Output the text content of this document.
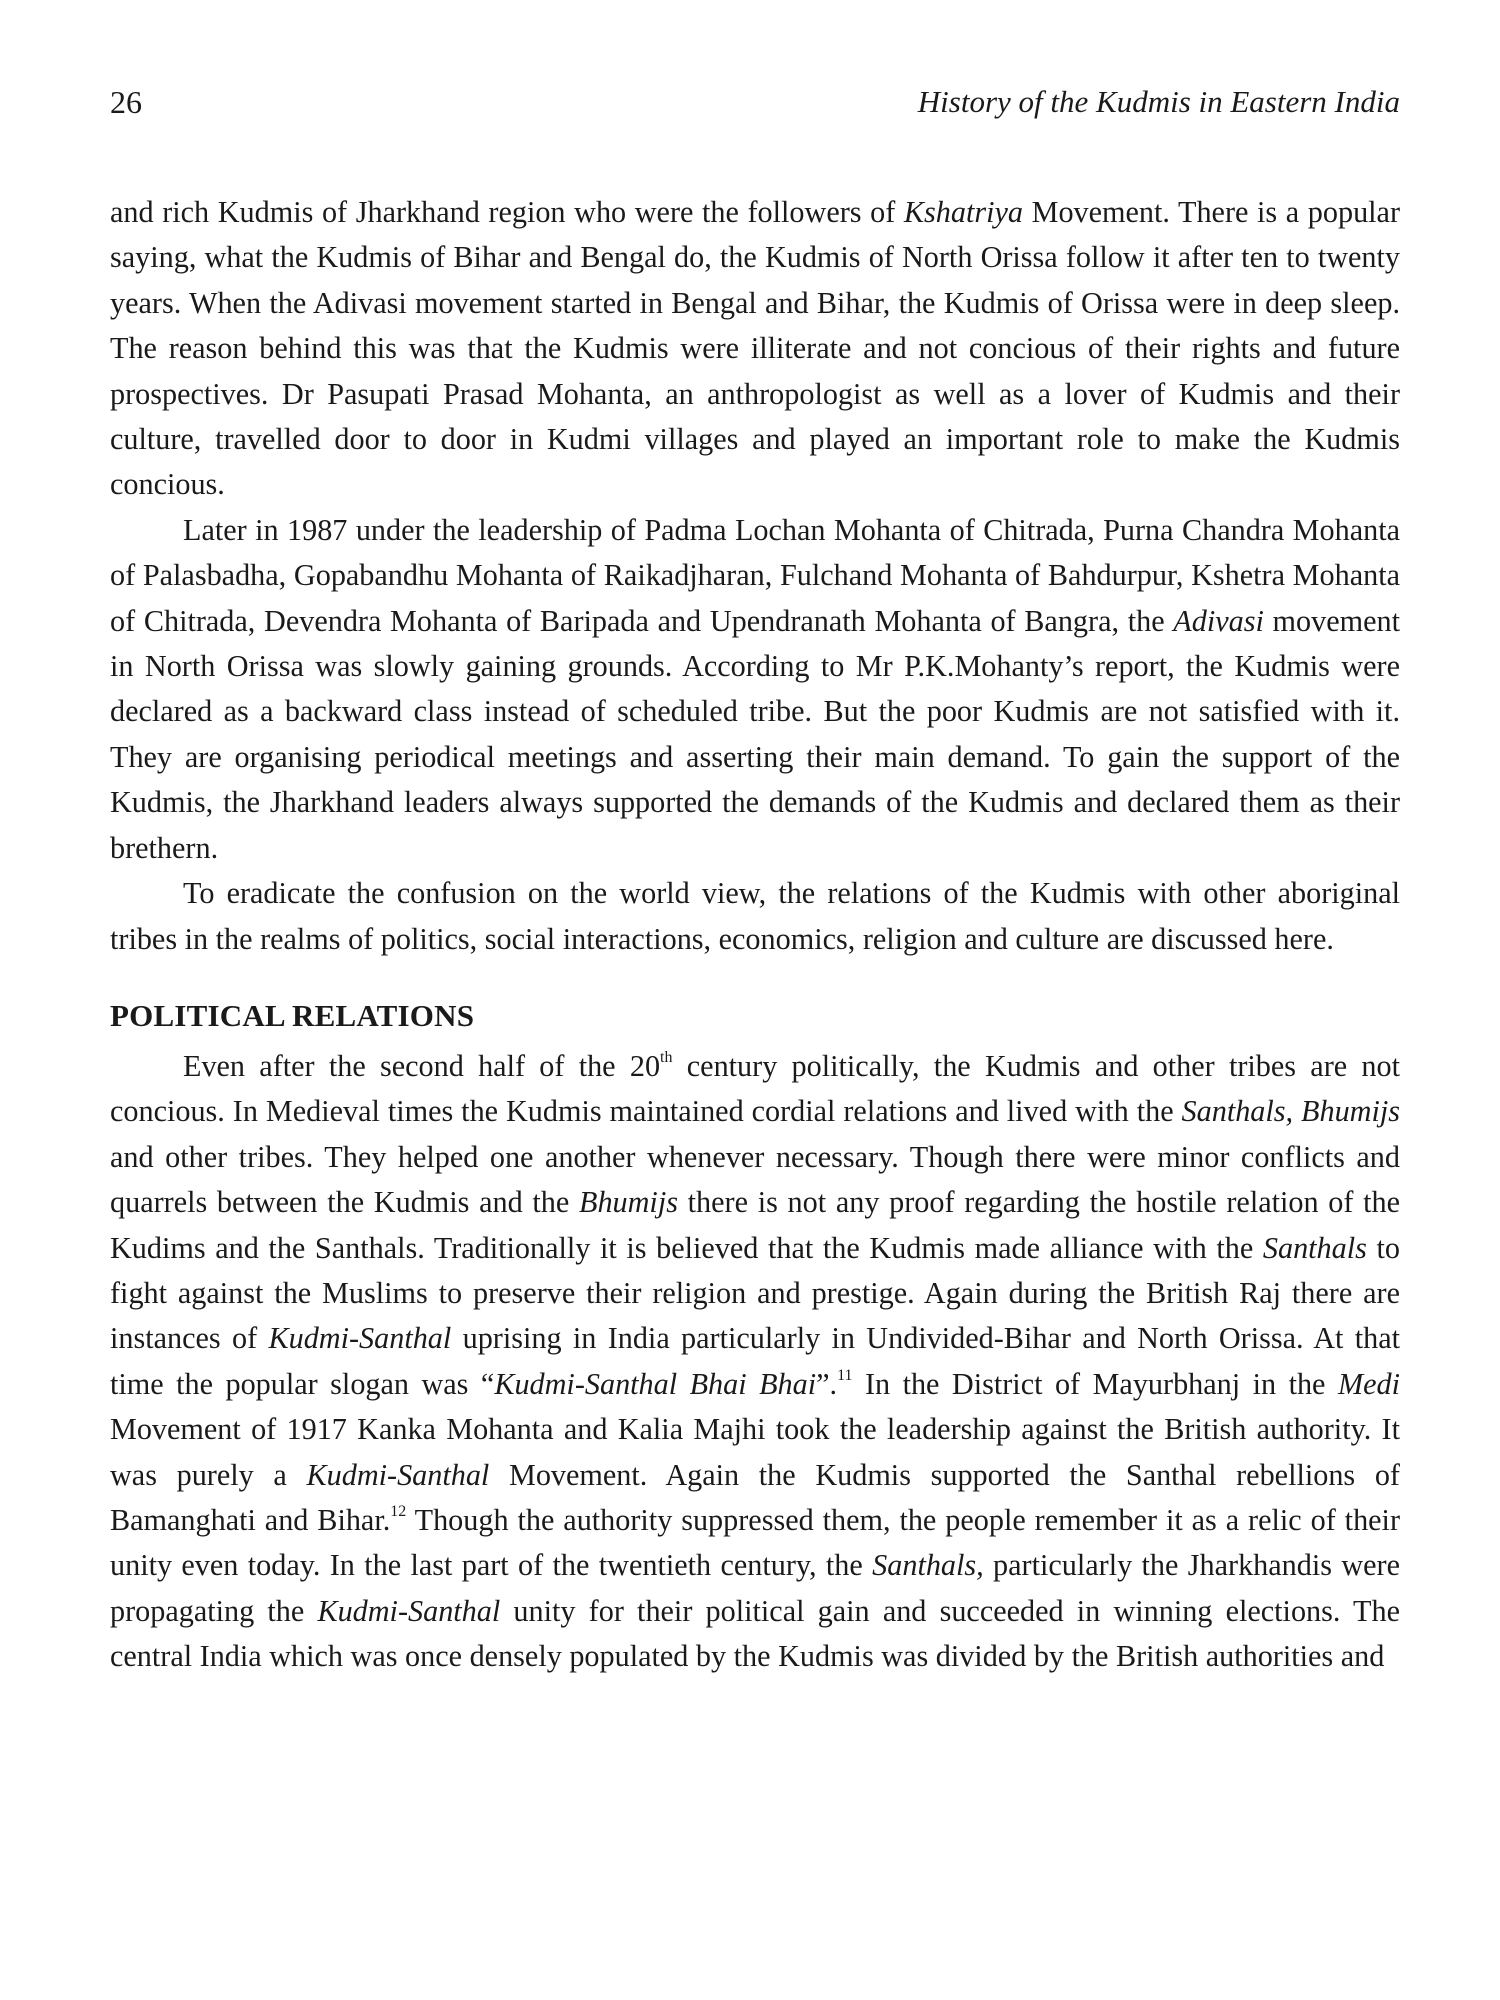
26	History of the Kudmis in Eastern India

and rich Kudmis of Jharkhand region who were the followers of Kshatriya Movement. There is a popular saying, what the Kudmis of Bihar and Bengal do, the Kudmis of North Orissa follow it after ten to twenty years. When the Adivasi movement started in Bengal and Bihar, the Kudmis of Orissa were in deep sleep. The reason behind this was that the Kudmis were illiterate and not concious of their rights and future prospectives. Dr Pasupati Prasad Mohanta, an anthropologist as well as a lover of Kudmis and their culture, travelled door to door in Kudmi villages and played an important role to make the Kudmis concious.

Later in 1987 under the leadership of Padma Lochan Mohanta of Chitrada, Purna Chandra Mohanta of Palasbadha, Gopabandhu Mohanta of Raikadjharan, Fulchand Mohanta of Bahdurpur, Kshetra Mohanta of Chitrada, Devendra Mohanta of Baripada and Upendranath Mohanta of Bangra, the Adivasi movement in North Orissa was slowly gaining grounds. According to Mr P.K.Mohanty’s report, the Kudmis were declared as a backward class instead of scheduled tribe. But the poor Kudmis are not satisfied with it. They are organising periodical meetings and asserting their main demand. To gain the support of the Kudmis, the Jharkhand leaders always supported the demands of the Kudmis and declared them as their brethern.

To eradicate the confusion on the world view, the relations of the Kudmis with other aboriginal tribes in the realms of politics, social interactions, economics, religion and culture are discussed here.

POLITICAL RELATIONS

Even after the second half of the 20th century politically, the Kudmis and other tribes are not concious. In Medieval times the Kudmis maintained cordial relations and lived with the Santhals, Bhumijs and other tribes. They helped one another whenever necessary. Though there were minor conflicts and quarrels between the Kudmis and the Bhumijs there is not any proof regarding the hostile relation of the Kudims and the Santhals. Traditionally it is believed that the Kudmis made alliance with the Santhals to fight against the Muslims to preserve their religion and prestige. Again during the British Raj there are instances of Kudmi-Santhal uprising in India particularly in Undivided-Bihar and North Orissa. At that time the popular slogan was “Kudmi-Santhal Bhai Bhai”.$^{11}$ In the District of Mayurbhanj in the Medi Movement of 1917 Kanka Mohanta and Kalia Majhi took the leadership against the British authority. It was purely a Kudmi-Santhal Movement. Again the Kudmis supported the Santhal rebellions of Bamanghati and Bihar.$^{12}$ Though the authority suppressed them, the people remember it as a relic of their unity even today. In the last part of the twentieth century, the Santhals, particularly the Jharkhandis were propagating the Kudmi-Santhal unity for their political gain and succeeded in winning elections. The central India which was once densely populated by the Kudmis was divided by the British authorities and
